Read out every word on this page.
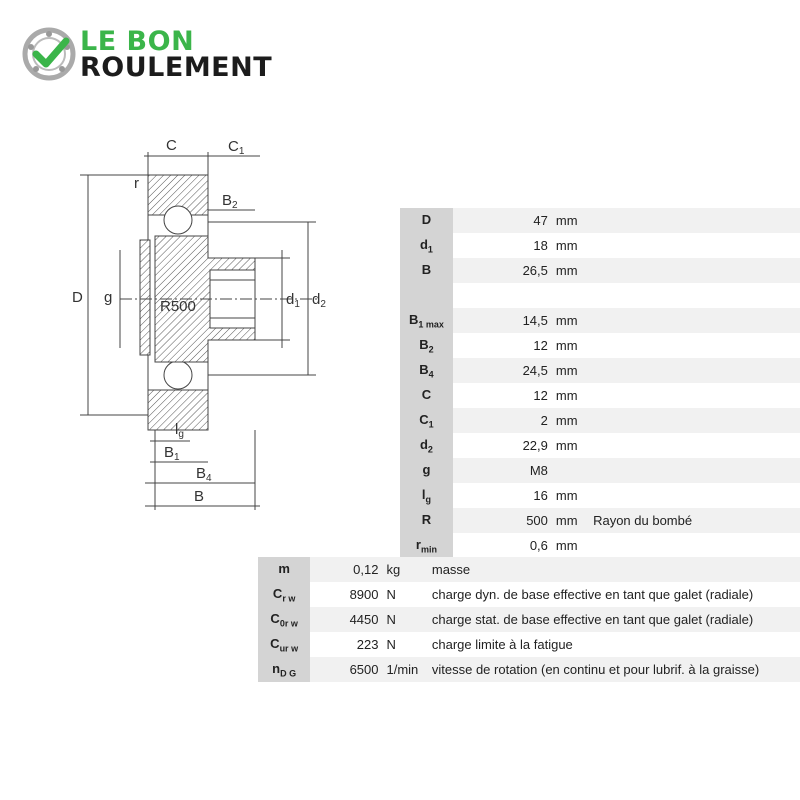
LE BON
ROULEMENT
C	$C_1$
r
$B_2$
D g
R500	$d_1$ $d_2$
$l_g$
$B_1$
$B_4$
B
D	47	mm	
$d_1$	18	mm	
B	26,5	mm	

$B_{1 max}$	14,5	mm	
$B_2$	12	mm	
$B_4$	24,5	mm	
C	12	mm	
$C_1$	2	mm	
$d_2$	22,9	mm	
g	M8		
$l_g$	16	mm	
R	500	mm	Rayon du bombé
$r_{min}$	0,6	mm	
m	0,12	kg	masse
$C_{r w}$	8900	N	charge dyn. de base effective en tant que galet (radiale)
$C_{0r w}$	4450	N	charge stat. de base effective en tant que galet (radiale)
$C_{ur w}$	223	N	charge limite à la fatigue
$n_{D G}$	6500	1/min	vitesse de rotation (en continu et pour lubrif. à la graisse)
